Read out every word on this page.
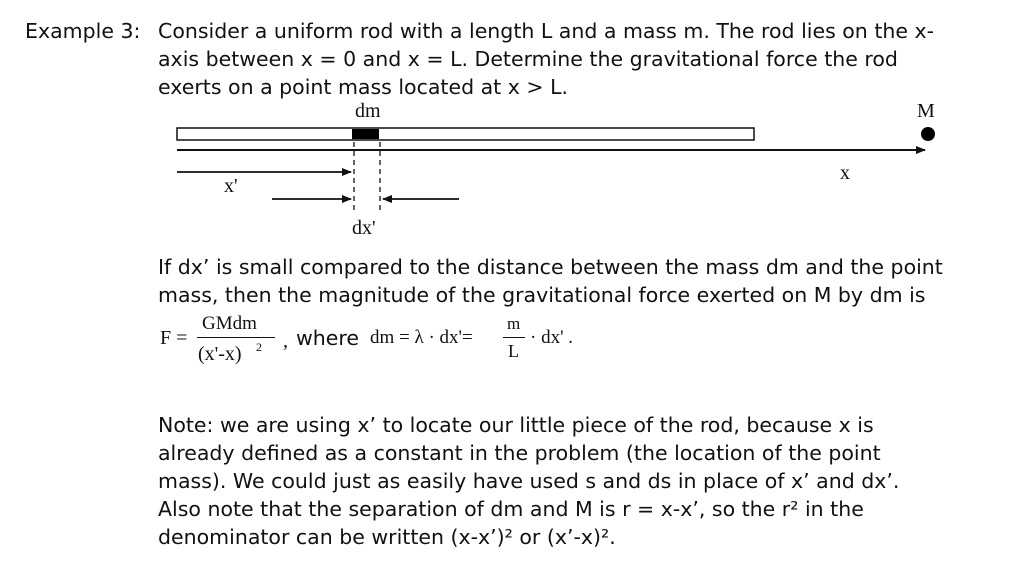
Example 3: Consider a uniform rod with a length L and a mass m. The rod lies on the x-
axis between x = 0 and x = L. Determine the gravitational force the rod
exerts on a point mass located at x > L.
dm	M
x
x'
dx'
If dx’ is small compared to the distance between the mass dm and the point
mass, then the magnitude of the gravitational force exerted on M by dm is
F =
GMdm
(x'-x) 2 , where dm = λ · dx'=
m
L
· dx' .
Note: we are using x’ to locate our little piece of the rod, because x is
already defined as a constant in the problem (the location of the point
mass). We could just as easily have used s and ds in place of x’ and dx’.
Also note that the separation of dm and M is r = x-x’, so the r² in the
denominator can be written (x-x’)² or (x’-x)².
